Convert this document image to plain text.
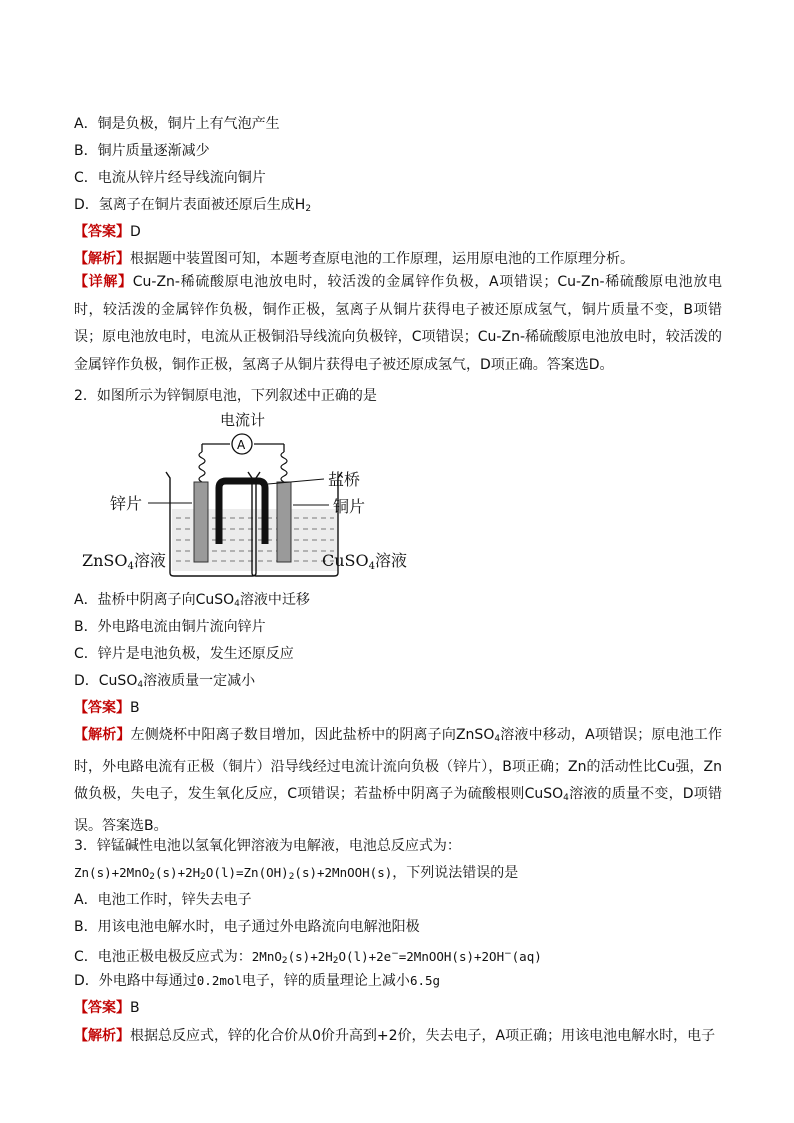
A．铜是负极，铜片上有气泡产生
B．铜片质量逐渐减少
C．电流从锌片经导线流向铜片
D．氢离子在铜片表面被还原后生成$H_2$
【答案】D
【解析】根据题中装置图可知，本题考查原电池的工作原理，运用原电池的工作原理分析。
【详解】Cu-Zn-稀硫酸原电池放电时，较活泼的金属锌作负极，A项错误；Cu-Zn-稀硫酸原电池放电时，较活泼的金属锌作负极，铜作正极，氢离子从铜片获得电子被还原成氢气，铜片质量不变，B项错误；原电池放电时，电流从正极铜沿导线流向负极锌，C项错误；Cu-Zn-稀硫酸原电池放电时，较活泼的金属锌作负极，铜作正极，氢离子从铜片获得电子被还原成氢气，D项正确。答案选D。
2．如图所示为锌铜原电池，下列叙述中正确的是
电流计
A
盐桥
锌片	铜片
ZnSO4溶液	CuSO4溶液
A．盐桥中阴离子向CuSO$_4$溶液中迁移
B．外电路电流由铜片流向锌片
C．锌片是电池负极，发生还原反应
D．CuSO$_4$溶液质量一定减小
【答案】B
【解析】左侧烧杯中阳离子数目增加，因此盐桥中的阴离子向ZnSO$_4$溶液中移动，A项错误；原电池工作时，外电路电流有正极（铜片）沿导线经过电流计流向负极（锌片），B项正确；Zn的活动性比Cu强，Zn做负极，失电子，发生氧化反应，C项错误；若盐桥中阴离子为硫酸根则CuSO$_4$溶液的质量不变，D项错误。答案选B。
3．锌锰碱性电池以氢氧化钾溶液为电解液，电池总反应式为：
$Zn(s)+2MnO_2(s)+2H_2O(l)=Zn(OH)_2(s)+2MnOOH(s)$，下列说法错误的是
A．电池工作时，锌失去电子
B．用该电池电解水时，电子通过外电路流向电解池阳极
C．电池正极电极反应式为：$2MnO_2(s)+2H_2O(l)+2e^-=2MnOOH(s)+2OH^-(aq)$
D．外电路中每通过0.2mol电子，锌的质量理论上减小6.5g
【答案】B
【解析】根据总反应式，锌的化合价从0价升高到+2价，失去电子，A项正确；用该电池电解水时，电子
